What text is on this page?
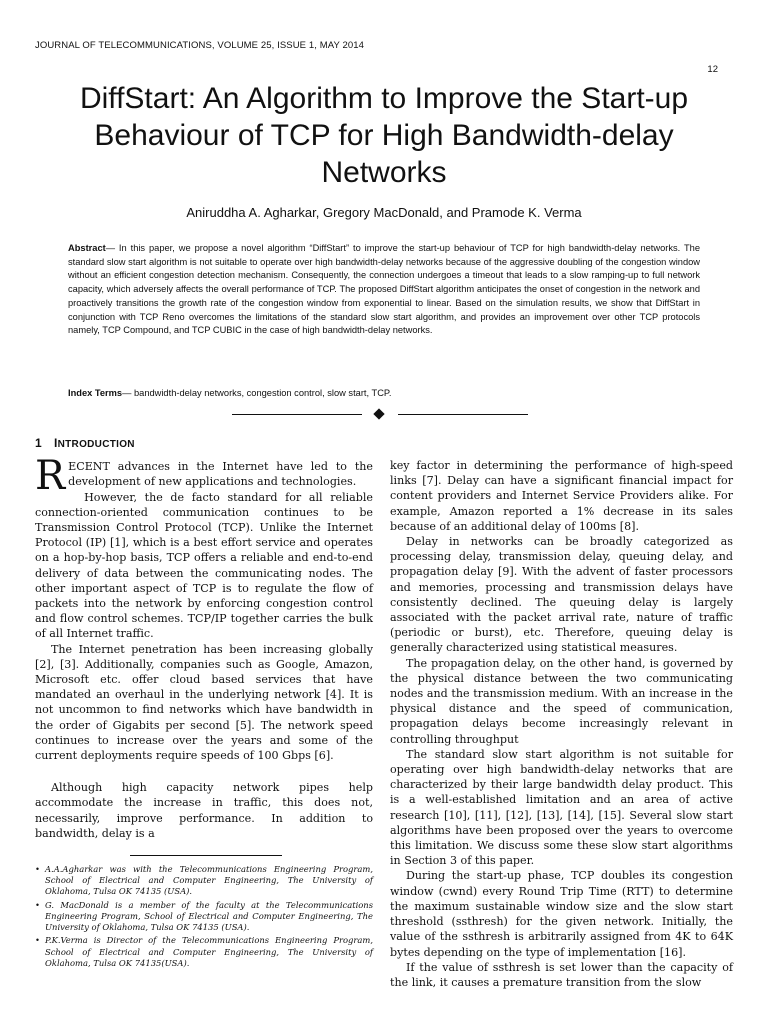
JOURNAL OF TELECOMMUNICATIONS, VOLUME 25, ISSUE 1, MAY 2014
12
DiffStart: An Algorithm to Improve the Start-up Behaviour of TCP for High Bandwidth-delay Networks
Aniruddha A. Agharkar, Gregory MacDonald, and Pramode K. Verma
Abstract— In this paper, we propose a novel algorithm “DiffStart” to improve the start-up behaviour of TCP for high bandwidth-delay networks. The standard slow start algorithm is not suitable to operate over high bandwidth-delay networks because of the aggressive doubling of the congestion window without an efficient congestion detection mechanism. Consequently, the connection undergoes a timeout that leads to a slow ramping-up to full network capacity, which adversely affects the overall performance of TCP. The proposed DiffStart algorithm anticipates the onset of congestion in the network and proactively transitions the growth rate of the congestion window from exponential to linear. Based on the simulation results, we show that DiffStart in conjunction with TCP Reno overcomes the limitations of the standard slow start algorithm, and provides an improvement over other TCP protocols namely, TCP Compound, and TCP CUBIC in the case of high bandwidth-delay networks.
Index Terms— bandwidth-delay networks, congestion control, slow start, TCP.
1 INTRODUCTION

RECENT advances in the Internet have led to the development of new applications and technologies.

However, the de facto standard for all reliable connection-oriented communication continues to be Transmission Control Protocol (TCP). Unlike the Internet Protocol (IP) [1], which is a best effort service and operates on a hop-by-hop basis, TCP offers a reliable and end-to-end delivery of data between the communicating nodes. The other important aspect of TCP is to regulate the flow of packets into the network by enforcing congestion control and flow control schemes. TCP/IP together carries the bulk of all Internet traffic.

The Internet penetration has been increasing globally [2], [3]. Additionally, companies such as Google, Amazon, Microsoft etc. offer cloud based services that have mandated an overhaul in the underlying network [4]. It is not uncommon to find networks which have bandwidth in the order of Gigabits per second [5]. The network speed continues to increase over the years and some of the current deployments require speeds of 100 Gbps [6].

Although high capacity network pipes help accommodate the increase in traffic, this does not, necessarily, improve performance. In addition to bandwidth, delay is a

• A.A.Agharkar was with the Telecommunications Engineering Program, School of Electrical and Computer Engineering, The University of Oklahoma, Tulsa OK 74135 (USA).
• G. MacDonald is a member of the faculty at the Telecommunications Engineering Program, School of Electrical and Computer Engineering, The University of Oklahoma, Tulsa OK 74135 (USA).
• P.K.Verma is Director of the Telecommunications Engineering Program, School of Electrical and Computer Engineering, The University of Oklahoma, Tulsa OK 74135(USA).

key factor in determining the performance of high-speed links [7]. Delay can have a significant financial impact for content providers and Internet Service Providers alike. For example, Amazon reported a 1% decrease in its sales because of an additional delay of 100ms [8].

Delay in networks can be broadly categorized as processing delay, transmission delay, queuing delay, and propagation delay [9]. With the advent of faster processors and memories, processing and transmission delays have consistently declined. The queuing delay is largely associated with the packet arrival rate, nature of traffic (periodic or burst), etc. Therefore, queuing delay is generally characterized using statistical measures.

The propagation delay, on the other hand, is governed by the physical distance between the two communicating nodes and the transmission medium. With an increase in the physical distance and the speed of communication, propagation delays become increasingly relevant in controlling throughput

The standard slow start algorithm is not suitable for operating over high bandwidth-delay networks that are characterized by their large bandwidth delay product. This is a well-established limitation and an area of active research [10], [11], [12], [13], [14], [15]. Several slow start algorithms have been proposed over the years to overcome this limitation. We discuss some these slow start algorithms in Section 3 of this paper.

During the start-up phase, TCP doubles its congestion window (cwnd) every Round Trip Time (RTT) to determine the maximum sustainable window size and the slow start threshold (ssthresh) for the given network. Initially, the value of the ssthresh is arbitrarily assigned from 4K to 64K bytes depending on the type of implementation [16].

If the value of ssthresh is set lower than the capacity of the link, it causes a premature transition from the slow
